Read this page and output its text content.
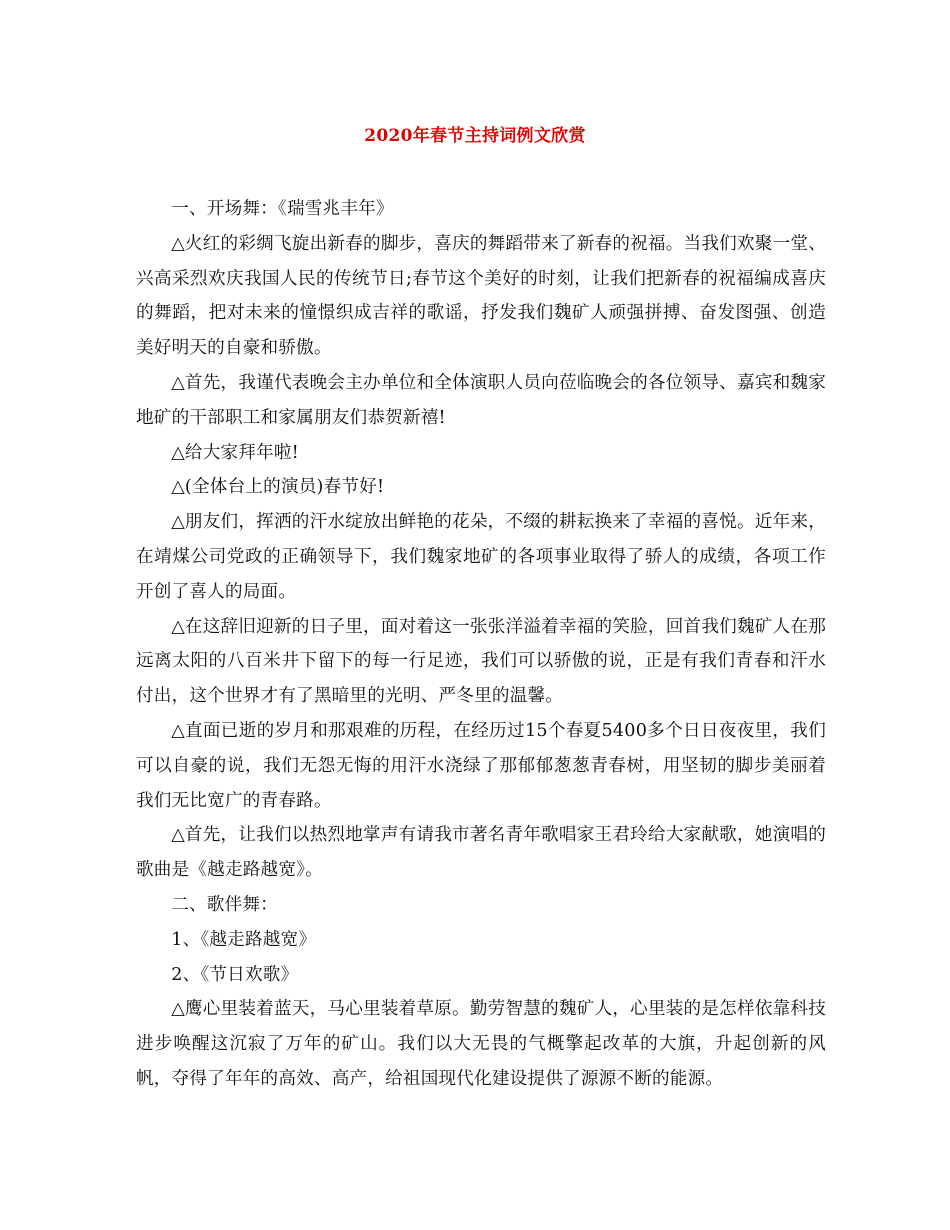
2020年春节主持词例文欣赏

一、开场舞：《瑞雪兆丰年》

△火红的彩绸飞旋出新春的脚步，喜庆的舞蹈带来了新春的祝福。当我们欢聚一堂、兴高采烈欢庆我国人民的传统节日;春节这个美好的时刻，让我们把新春的祝福编成喜庆的舞蹈，把对未来的憧憬织成吉祥的歌谣，抒发我们魏矿人顽强拼搏、奋发图强、创造美好明天的自豪和骄傲。

△首先，我谨代表晚会主办单位和全体演职人员向莅临晚会的各位领导、嘉宾和魏家地矿的干部职工和家属朋友们恭贺新禧!

△给大家拜年啦!

△(全体台上的演员)春节好!

△朋友们，挥洒的汗水绽放出鲜艳的花朵，不缀的耕耘换来了幸福的喜悦。近年来，在靖煤公司党政的正确领导下，我们魏家地矿的各项事业取得了骄人的成绩，各项工作开创了喜人的局面。

△在这辞旧迎新的日子里，面对着这一张张洋溢着幸福的笑脸，回首我们魏矿人在那远离太阳的八百米井下留下的每一行足迹，我们可以骄傲的说，正是有我们青春和汗水付出，这个世界才有了黑暗里的光明、严冬里的温馨。

△直面已逝的岁月和那艰难的历程，在经历过15个春夏5400多个日日夜夜里，我们可以自豪的说，我们无怨无悔的用汗水浇绿了那郁郁葱葱青春树，用坚韧的脚步美丽着我们无比宽广的青春路。

△首先，让我们以热烈地掌声有请我市著名青年歌唱家王君玲给大家献歌，她演唱的歌曲是《越走路越宽》。

二、歌伴舞：

1、《越走路越宽》

2、《节日欢歌》

△鹰心里装着蓝天，马心里装着草原。勤劳智慧的魏矿人，心里装的是怎样依靠科技进步唤醒这沉寂了万年的矿山。我们以大无畏的气概擎起改革的大旗，升起创新的风帆，夺得了年年的高效、高产，给祖国现代化建设提供了源源不断的能源。
